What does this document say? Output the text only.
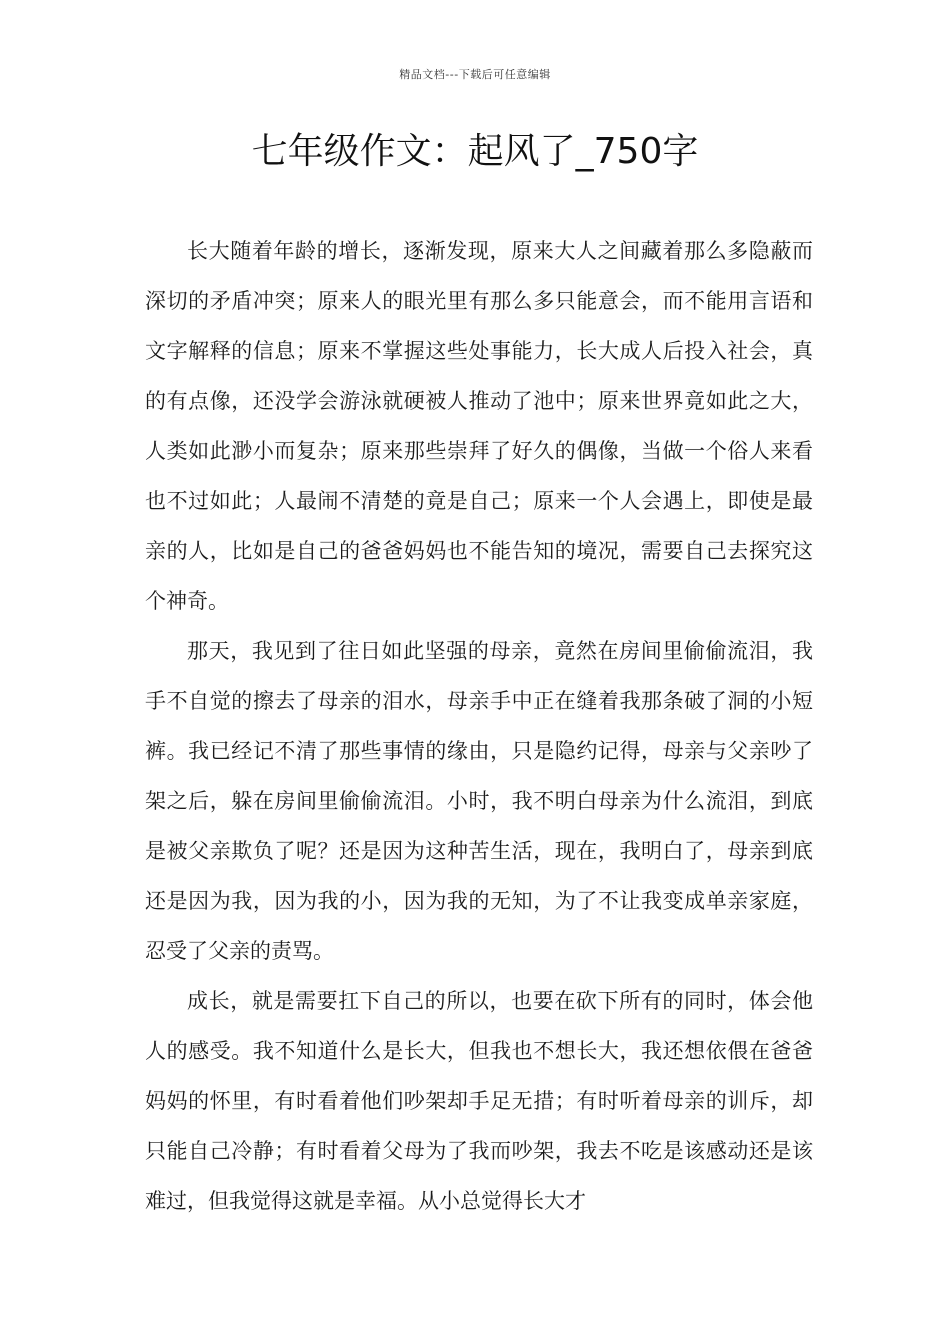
精品文档---下载后可任意编辑
七年级作文：起风了_750字

长大随着年龄的增长，逐渐发现，原来大人之间藏着那么多隐蔽而深切的矛盾冲突；原来人的眼光里有那么多只能意会，而不能用言语和文字解释的信息；原来不掌握这些处事能力，长大成人后投入社会，真的有点像，还没学会游泳就硬被人推动了池中；原来世界竟如此之大，人类如此渺小而复杂；原来那些崇拜了好久的偶像，当做一个俗人来看也不过如此；人最闹不清楚的竟是自己；原来一个人会遇上，即使是最亲的人，比如是自己的爸爸妈妈也不能告知的境况，需要自己去探究这个神奇。

那天，我见到了往日如此坚强的母亲，竟然在房间里偷偷流泪，我手不自觉的擦去了母亲的泪水，母亲手中正在缝着我那条破了洞的小短裤。我已经记不清了那些事情的缘由，只是隐约记得，母亲与父亲吵了架之后，躲在房间里偷偷流泪。小时，我不明白母亲为什么流泪，到底是被父亲欺负了呢？还是因为这种苦生活，现在，我明白了，母亲到底还是因为我，因为我的小，因为我的无知，为了不让我变成单亲家庭，忍受了父亲的责骂。

成长，就是需要扛下自己的所以，也要在砍下所有的同时，体会他人的感受。我不知道什么是长大，但我也不想长大，我还想依偎在爸爸妈妈的怀里，有时看着他们吵架却手足无措；有时听着母亲的训斥，却只能自己冷静；有时看着父母为了我而吵架，我去不吃是该感动还是该难过，但我觉得这就是幸福。从小总觉得长大才
